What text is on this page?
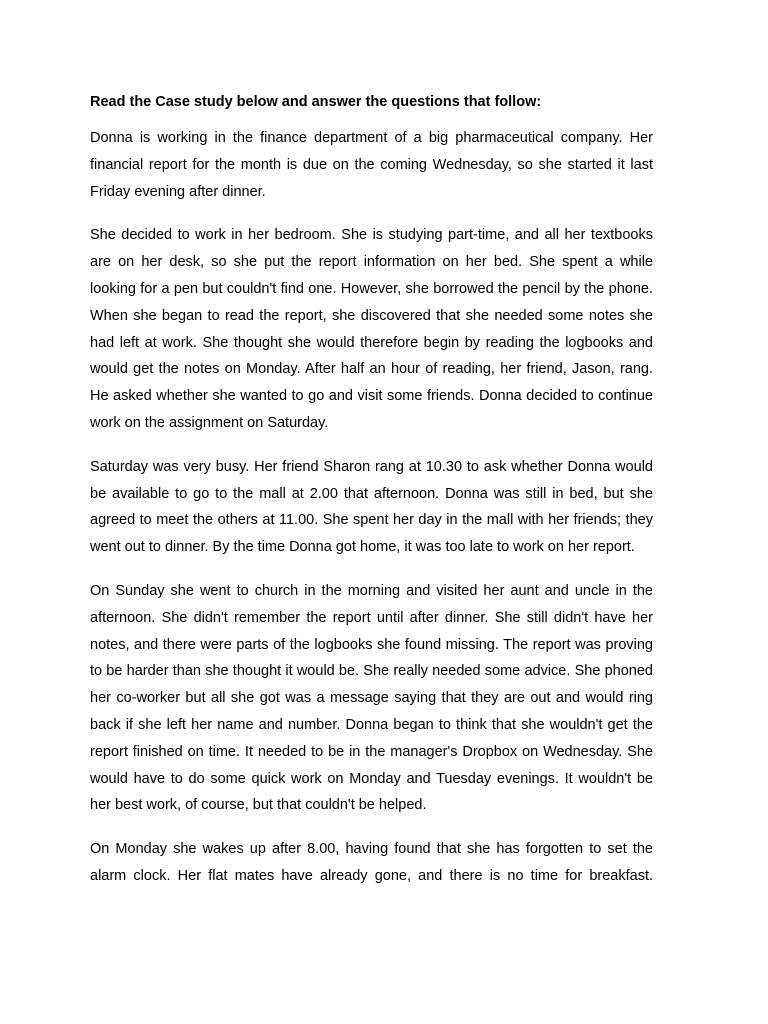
Read the Case study below and answer the questions that follow:

Donna is working in the finance department of a big pharmaceutical company. Her financial report for the month is due on the coming Wednesday, so she started it last Friday evening after dinner.

She decided to work in her bedroom. She is studying part-time, and all her textbooks are on her desk, so she put the report information on her bed. She spent a while looking for a pen but couldn't find one. However, she borrowed the pencil by the phone. When she began to read the report, she discovered that she needed some notes she had left at work. She thought she would therefore begin by reading the logbooks and would get the notes on Monday. After half an hour of reading, her friend, Jason, rang. He asked whether she wanted to go and visit some friends. Donna decided to continue work on the assignment on Saturday.

Saturday was very busy. Her friend Sharon rang at 10.30 to ask whether Donna would be available to go to the mall at 2.00 that afternoon. Donna was still in bed, but she agreed to meet the others at 11.00. She spent her day in the mall with her friends; they went out to dinner. By the time Donna got home, it was too late to work on her report.

On Sunday she went to church in the morning and visited her aunt and uncle in the afternoon. She didn't remember the report until after dinner. She still didn't have her notes, and there were parts of the logbooks she found missing. The report was proving to be harder than she thought it would be. She really needed some advice. She phoned her co-worker but all she got was a message saying that they are out and would ring back if she left her name and number. Donna began to think that she wouldn't get the report finished on time. It needed to be in the manager's Dropbox on Wednesday. She would have to do some quick work on Monday and Tuesday evenings. It wouldn't be her best work, of course, but that couldn't be helped.

On Monday she wakes up after 8.00, having found that she has forgotten to set the alarm clock. Her flat mates have already gone, and there is no time for breakfast.
